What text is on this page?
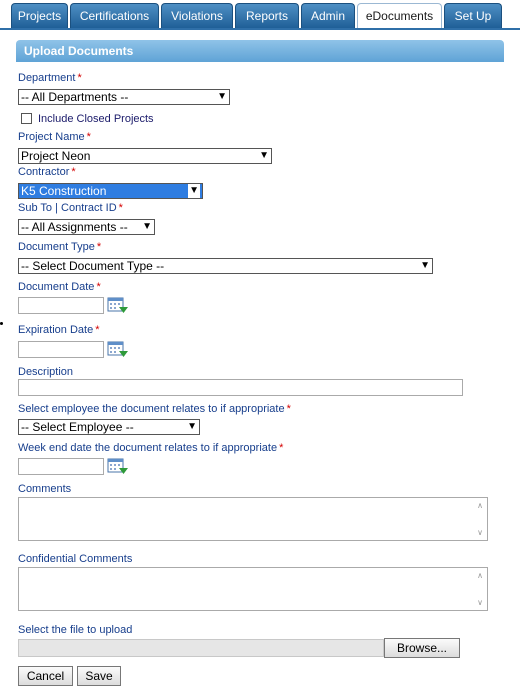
Projects	Certifications	Violations	Reports	Admin	eDocuments	Set Up
Upload Documents
Department *
-- All Departments --	▼
Include Closed Projects
Project Name *
Project Neon	▼
Contractor *
K5 Construction	▼
Sub To | Contract ID *
-- All Assignments -- ▼
Document Type *
-- Select Document Type --	▼
Document Date *
Expiration Date *
Description
Select employee the document relates to if appropriate *
-- Select Employee --	▼
Week end date the document relates to if appropriate *
Comments
∧
∨
Confidential Comments
∧
∨
Select the file to upload
Browse...
Cancel	Save
